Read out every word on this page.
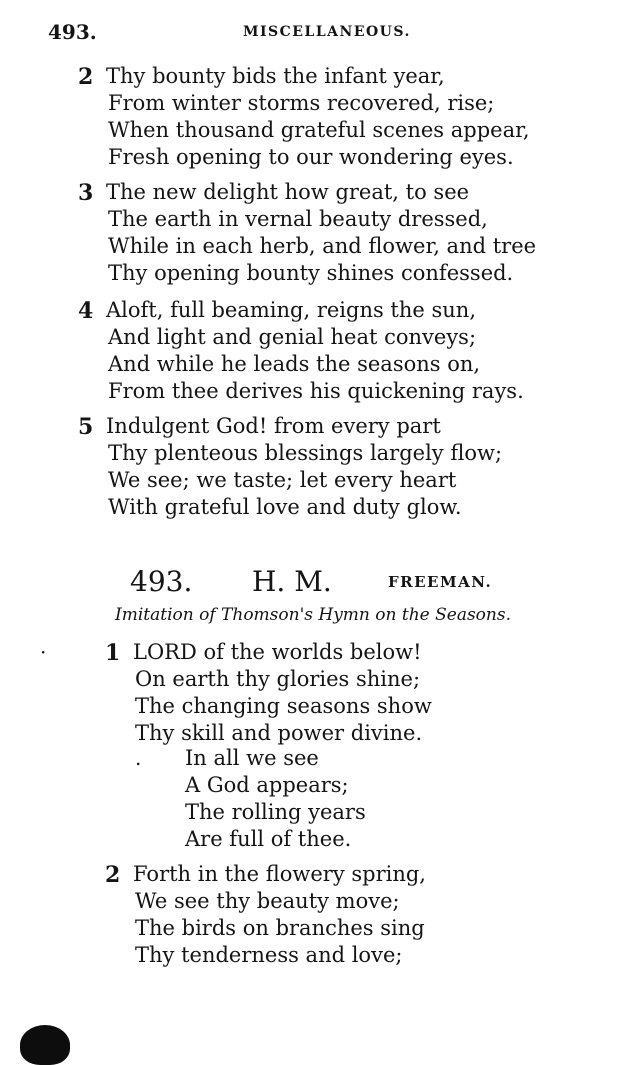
493.	MISCELLANEOUS.
2 Thy bounty bids the infant year,
From winter storms recovered, rise;
When thousand grateful scenes appear,
Fresh opening to our wondering eyes.
3 The new delight how great, to see
The earth in vernal beauty dressed,
While in each herb, and flower, and tree
Thy opening bounty shines confessed.
4 Aloft, full beaming, reigns the sun,
And light and genial heat conveys;
And while he leads the seasons on,
From thee derives his quickening rays.
5 Indulgent God! from every part
Thy plenteous blessings largely flow;
We see; we taste; let every heart
With grateful love and duty glow.
493. H. M.	FREEMAN.
Imitation of Thomson's Hymn on the Seasons.
·	1 LORD of the worlds below!
On earth thy glories shine;
The changing seasons show
Thy skill and power divine.
. In all we see
A God appears;
The rolling years
Are full of thee.
2 Forth in the flowery spring,
We see thy beauty move;
The birds on branches sing
Thy tenderness and love;
